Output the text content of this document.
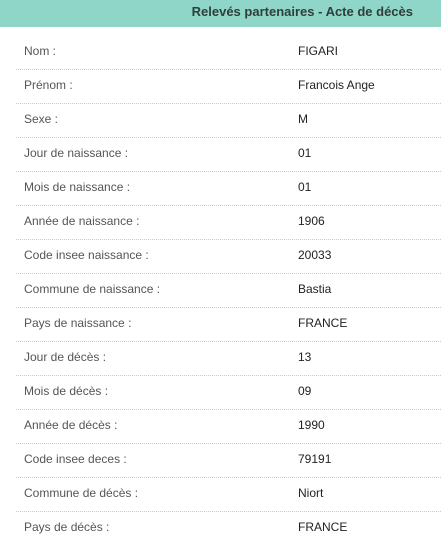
Relevés partenaires - Acte de décès
Nom :	FIGARI
Prénom :	Francois Ange
Sexe :	M
Jour de naissance :	01
Mois de naissance :	01
Année de naissance :	1906
Code insee naissance :	20033
Commune de naissance :	Bastia
Pays de naissance :	FRANCE
Jour de décès :	13
Mois de décès :	09
Année de décès :	1990
Code insee deces :	79191
Commune de décès :	Niort
Pays de décès :	FRANCE
